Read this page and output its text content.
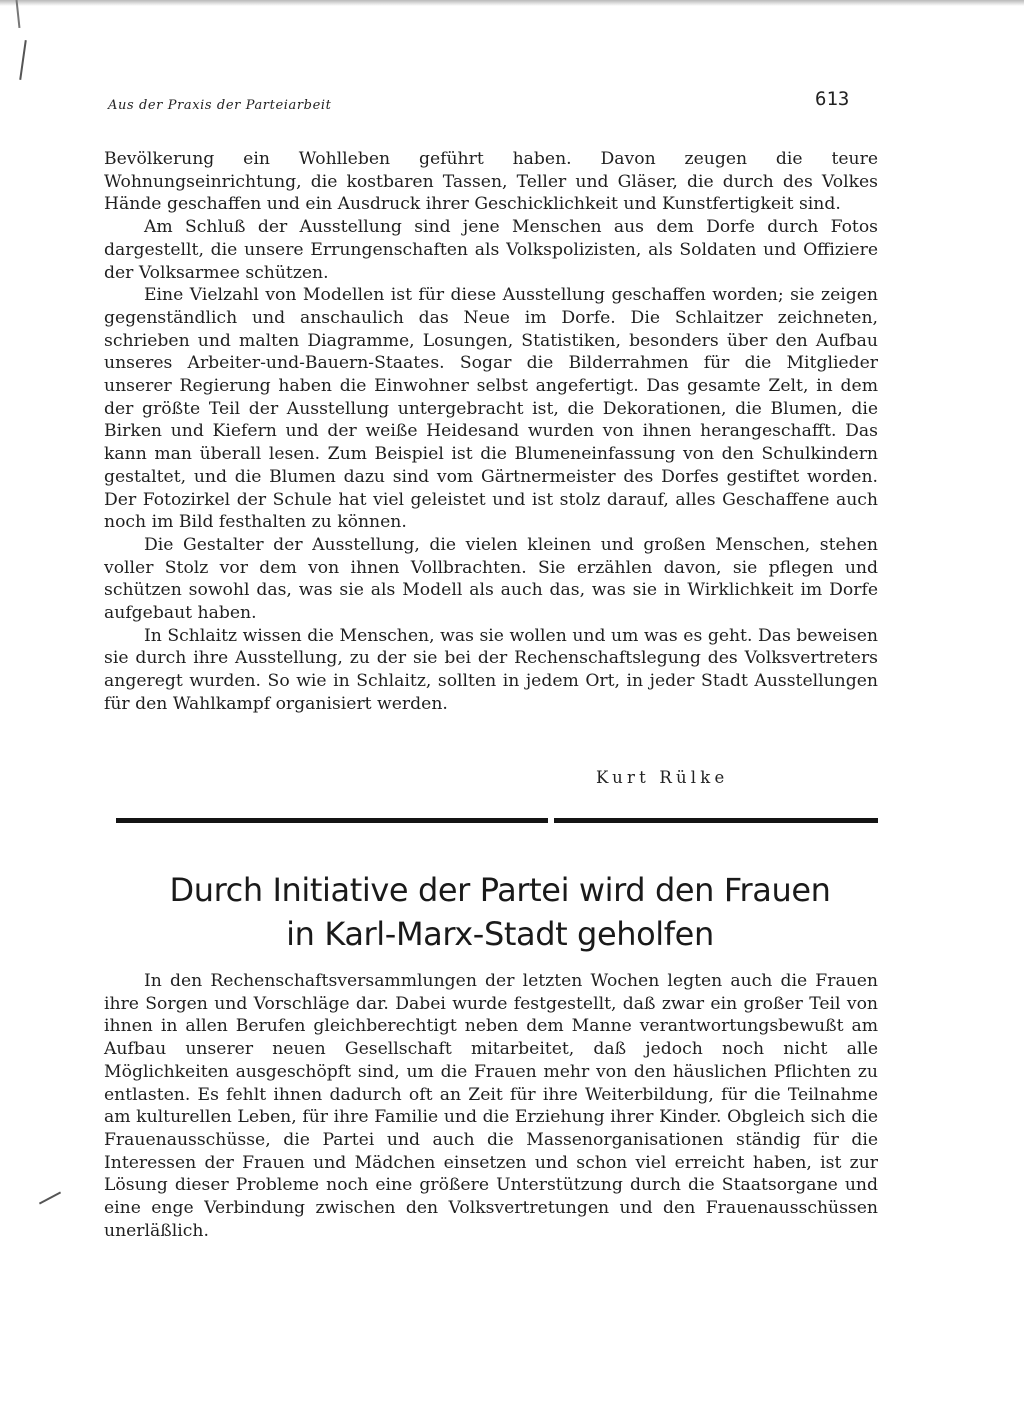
Aus der Praxis der Parteiarbeit	613

Bevölkerung ein Wohlleben geführt haben. Davon zeugen die teure Wohnungseinrichtung, die kostbaren Tassen, Teller und Gläser, die durch des Volkes Hände geschaffen und ein Ausdruck ihrer Geschicklichkeit und Kunstfertigkeit sind.

Am Schluß der Ausstellung sind jene Menschen aus dem Dorfe durch Fotos dargestellt, die unsere Errungenschaften als Volkspolizisten, als Soldaten und Offiziere der Volksarmee schützen.

Eine Vielzahl von Modellen ist für diese Ausstellung geschaffen worden; sie zeigen gegenständlich und anschaulich das Neue im Dorfe. Die Schlaitzer zeichneten, schrieben und malten Diagramme, Losungen, Statistiken, besonders über den Aufbau unseres Arbeiter-und-Bauern-Staates. Sogar die Bilderrahmen für die Mitglieder unserer Regierung haben die Einwohner selbst angefertigt. Das gesamte Zelt, in dem der größte Teil der Ausstellung untergebracht ist, die Dekorationen, die Blumen, die Birken und Kiefern und der weiße Heidesand wurden von ihnen herangeschafft. Das kann man überall lesen. Zum Beispiel ist die Blumeneinfassung von den Schulkindern gestaltet, und die Blumen dazu sind vom Gärtnermeister des Dorfes gestiftet worden. Der Fotozirkel der Schule hat viel geleistet und ist stolz darauf, alles Geschaffene auch noch im Bild festhalten zu können.

Die Gestalter der Ausstellung, die vielen kleinen und großen Menschen, stehen voller Stolz vor dem von ihnen Vollbrachten. Sie erzählen davon, sie pflegen und schützen sowohl das, was sie als Modell als auch das, was sie in Wirklichkeit im Dorfe aufgebaut haben.

In Schlaitz wissen die Menschen, was sie wollen und um was es geht. Das beweisen sie durch ihre Ausstellung, zu der sie bei der Rechenschaftslegung des Volksvertreters angeregt wurden. So wie in Schlaitz, sollten in jedem Ort, in jeder Stadt Ausstellungen für den Wahlkampf organisiert werden.

Kurt Rülke
Durch Initiative der Partei wird den Frauen
in Karl-Marx-Stadt geholfen

In den Rechenschaftsversammlungen der letzten Wochen legten auch die Frauen ihre Sorgen und Vorschläge dar. Dabei wurde festgestellt, daß zwar ein großer Teil von ihnen in allen Berufen gleichberechtigt neben dem Manne verantwortungsbewußt am Aufbau unserer neuen Gesellschaft mitarbeitet, daß jedoch noch nicht alle Möglichkeiten ausgeschöpft sind, um die Frauen mehr von den häuslichen Pflichten zu entlasten. Es fehlt ihnen dadurch oft an Zeit für ihre Weiterbildung, für die Teilnahme am kulturellen Leben, für ihre Familie und die Erziehung ihrer Kinder. Obgleich sich die Frauenausschüsse, die Partei und auch die Massenorganisationen ständig für die Interessen der Frauen und Mädchen einsetzen und schon viel erreicht haben, ist zur Lösung dieser Probleme noch eine größere Unterstützung durch die Staatsorgane und eine enge Verbindung zwischen den Volksvertretungen und den Frauenausschüssen unerläßlich.
